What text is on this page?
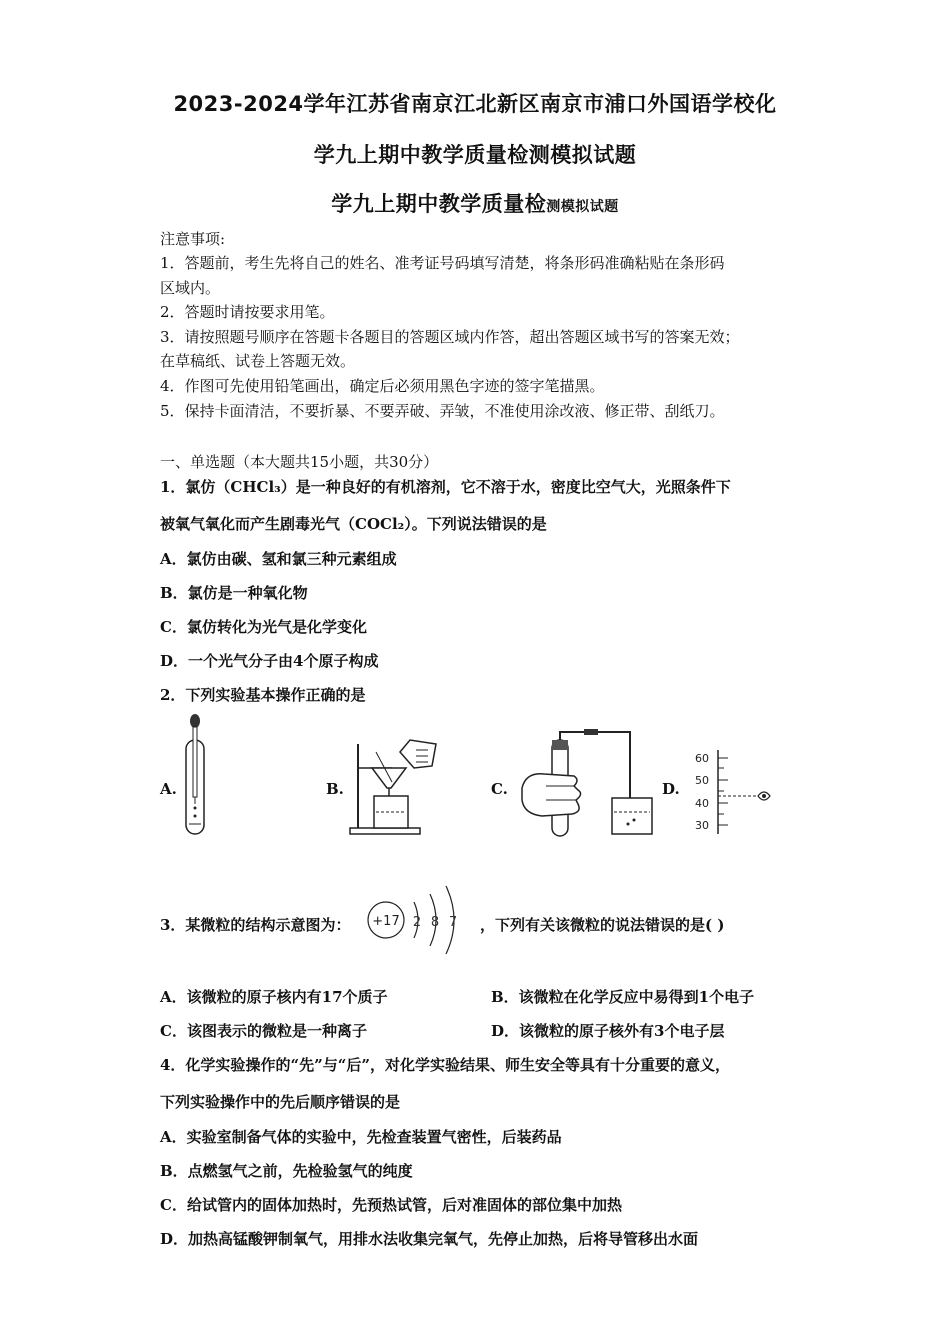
2023-2024学年江苏省南京江北新区南京市浦口外国语学校化
学九上期中教学质量检测模拟试题
学九上期中教学质量检测模拟试题
注意事项:
1．答题前，考生先将自己的姓名、准考证号码填写清楚，将条形码准确粘贴在条形码
区域内。
2．答题时请按要求用笔。
3．请按照题号顺序在答题卡各题目的答题区域内作答，超出答题区域书写的答案无效；
在草稿纸、试卷上答题无效。
4．作图可先使用铅笔画出，确定后必须用黑色字迹的签字笔描黑。
5．保持卡面清洁，不要折暴、不要弄破、弄皱，不准使用涂改液、修正带、刮纸刀。
一、单选题（本大题共15小题，共30分）
1．氯仿（CHCl₃）是一种良好的有机溶剂，它不溶于水，密度比空气大，光照条件下
被氧气氧化而产生剧毒光气（COCl₂）。下列说法错误的是
A．氯仿由碳、氢和氯三种元素组成
B．氯仿是一种氧化物
C．氯仿转化为光气是化学变化
D．一个光气分子由4个原子构成
2．下列实验基本操作正确的是
A.	B.	C.	D.
60
50
40
30
3．某微粒的结构示意图为： +17 2 8 7 ，下列有关该微粒的说法错误的是( )
A．该微粒的原子核内有17个质子	B．该微粒在化学反应中易得到1个电子
C．该图表示的微粒是一种离子	D．该微粒的原子核外有3个电子层
4．化学实验操作的“先”与“后”，对化学实验结果、师生安全等具有十分重要的意义，
下列实验操作中的先后顺序错误的是
A．实验室制备气体的实验中，先检查装置气密性，后装药品
B．点燃氢气之前，先检验氢气的纯度
C．给试管内的固体加热时，先预热试管，后对准固体的部位集中加热
D．加热高锰酸钾制氧气，用排水法收集完氧气，先停止加热，后将导管移出水面
